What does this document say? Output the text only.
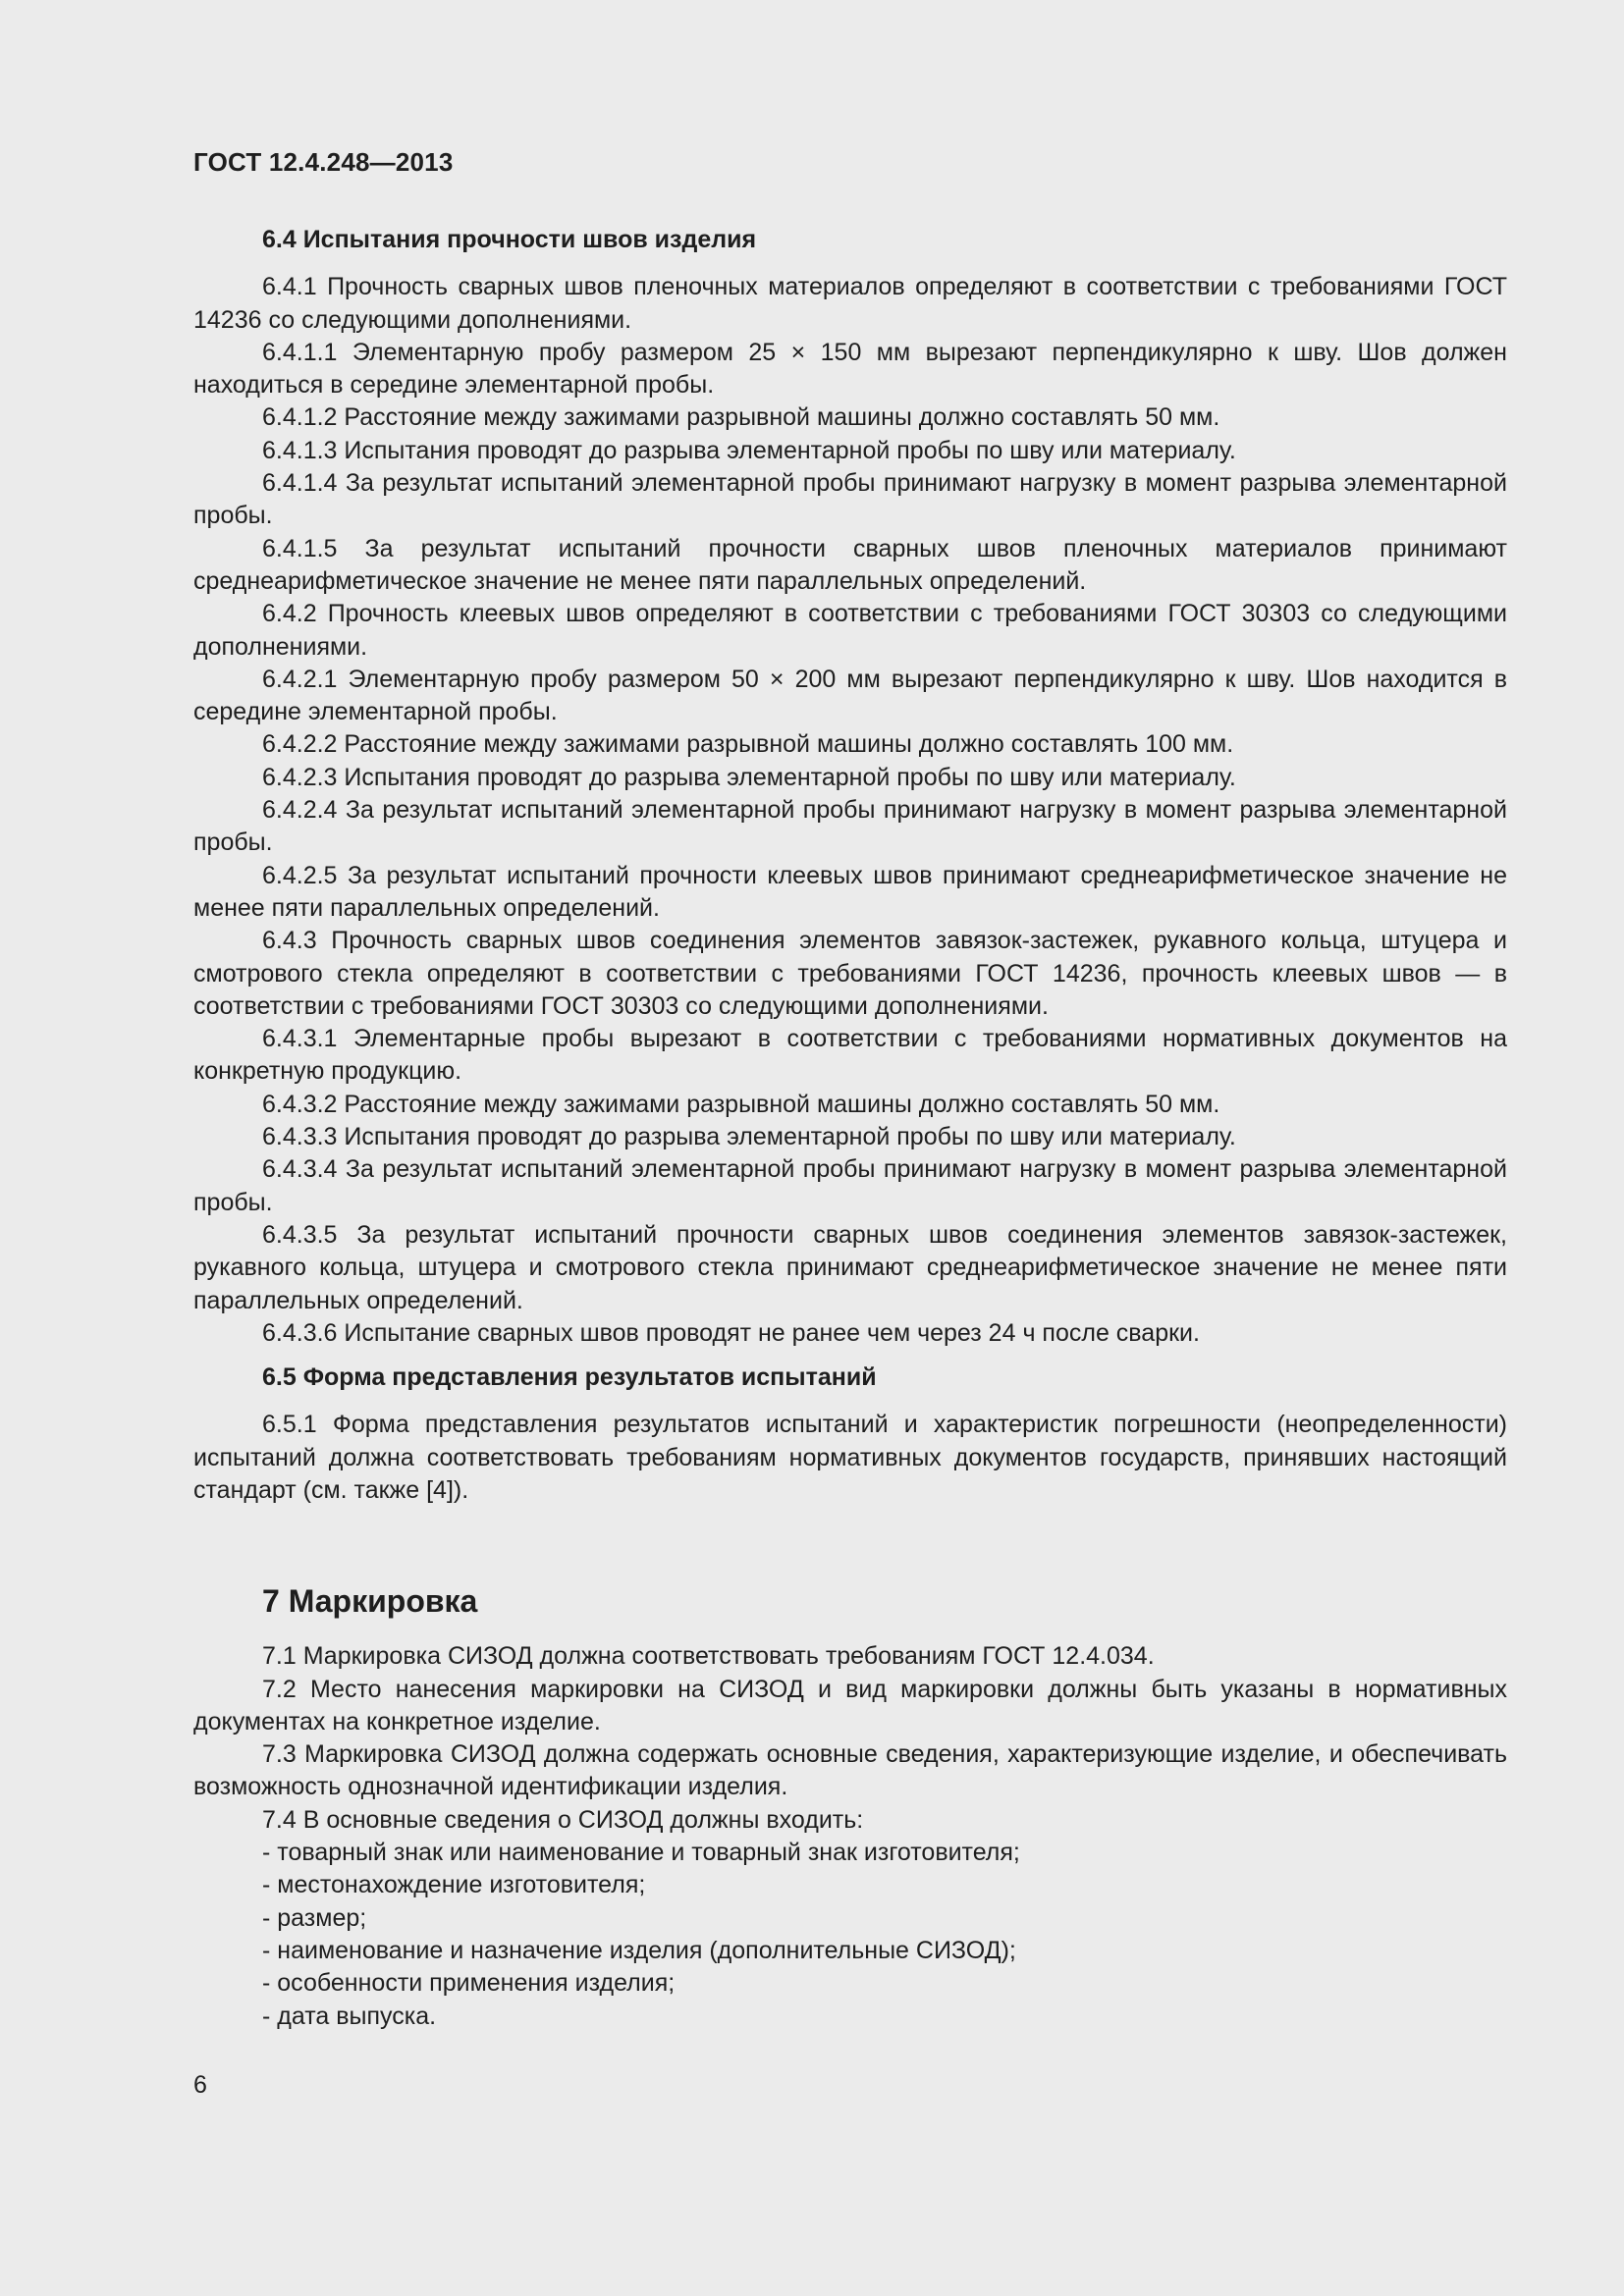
ГОСТ 12.4.248—2013
6.4 Испытания прочности швов изделия

6.4.1 Прочность сварных швов пленочных материалов определяют в соответствии с требованиями ГОСТ 14236 со следующими дополнениями.

6.4.1.1 Элементарную пробу размером 25 × 150 мм вырезают перпендикулярно к шву. Шов должен находиться в середине элементарной пробы.

6.4.1.2 Расстояние между зажимами разрывной машины должно составлять 50 мм.

6.4.1.3 Испытания проводят до разрыва элементарной пробы по шву или материалу.

6.4.1.4 За результат испытаний элементарной пробы принимают нагрузку в момент разрыва элементарной пробы.

6.4.1.5 За результат испытаний прочности сварных швов пленочных материалов принимают среднеарифметическое значение не менее пяти параллельных определений.

6.4.2 Прочность клеевых швов определяют в соответствии с требованиями ГОСТ 30303 со следующими дополнениями.

6.4.2.1 Элементарную пробу размером 50 × 200 мм вырезают перпендикулярно к шву. Шов находится в середине элементарной пробы.

6.4.2.2 Расстояние между зажимами разрывной машины должно составлять 100 мм.

6.4.2.3 Испытания проводят до разрыва элементарной пробы по шву или материалу.

6.4.2.4 За результат испытаний элементарной пробы принимают нагрузку в момент разрыва элементарной пробы.

6.4.2.5 За результат испытаний прочности клеевых швов принимают среднеарифметическое значение не менее пяти параллельных определений.

6.4.3 Прочность сварных швов соединения элементов завязок-застежек, рукавного кольца, штуцера и смотрового стекла определяют в соответствии с требованиями ГОСТ 14236, прочность клеевых швов — в соответствии с требованиями ГОСТ 30303 со следующими дополнениями.

6.4.3.1 Элементарные пробы вырезают в соответствии с требованиями нормативных документов на конкретную продукцию.

6.4.3.2 Расстояние между зажимами разрывной машины должно составлять 50 мм.

6.4.3.3 Испытания проводят до разрыва элементарной пробы по шву или материалу.

6.4.3.4 За результат испытаний элементарной пробы принимают нагрузку в момент разрыва элементарной пробы.

6.4.3.5 За результат испытаний прочности сварных швов соединения элементов завязок-застежек, рукавного кольца, штуцера и смотрового стекла принимают среднеарифметическое значение не менее пяти параллельных определений.

6.4.3.6 Испытание сварных швов проводят не ранее чем через 24 ч после сварки.

6.5 Форма представления результатов испытаний

6.5.1 Форма представления результатов испытаний и характеристик погрешности (неопределенности) испытаний должна соответствовать требованиям нормативных документов государств, принявших настоящий стандарт (см. также [4]).

7 Маркировка

7.1 Маркировка СИЗОД должна соответствовать требованиям ГОСТ 12.4.034.

7.2 Место нанесения маркировки на СИЗОД и вид маркировки должны быть указаны в нормативных документах на конкретное изделие.

7.3 Маркировка СИЗОД должна содержать основные сведения, характеризующие изделие, и обеспечивать возможность однозначной идентификации изделия.

7.4 В основные сведения о СИЗОД должны входить:

- товарный знак или наименование и товарный знак изготовителя;
- местонахождение изготовителя;
- размер;
- наименование и назначение изделия (дополнительные СИЗОД);
- особенности применения изделия;
- дата выпуска.
6
